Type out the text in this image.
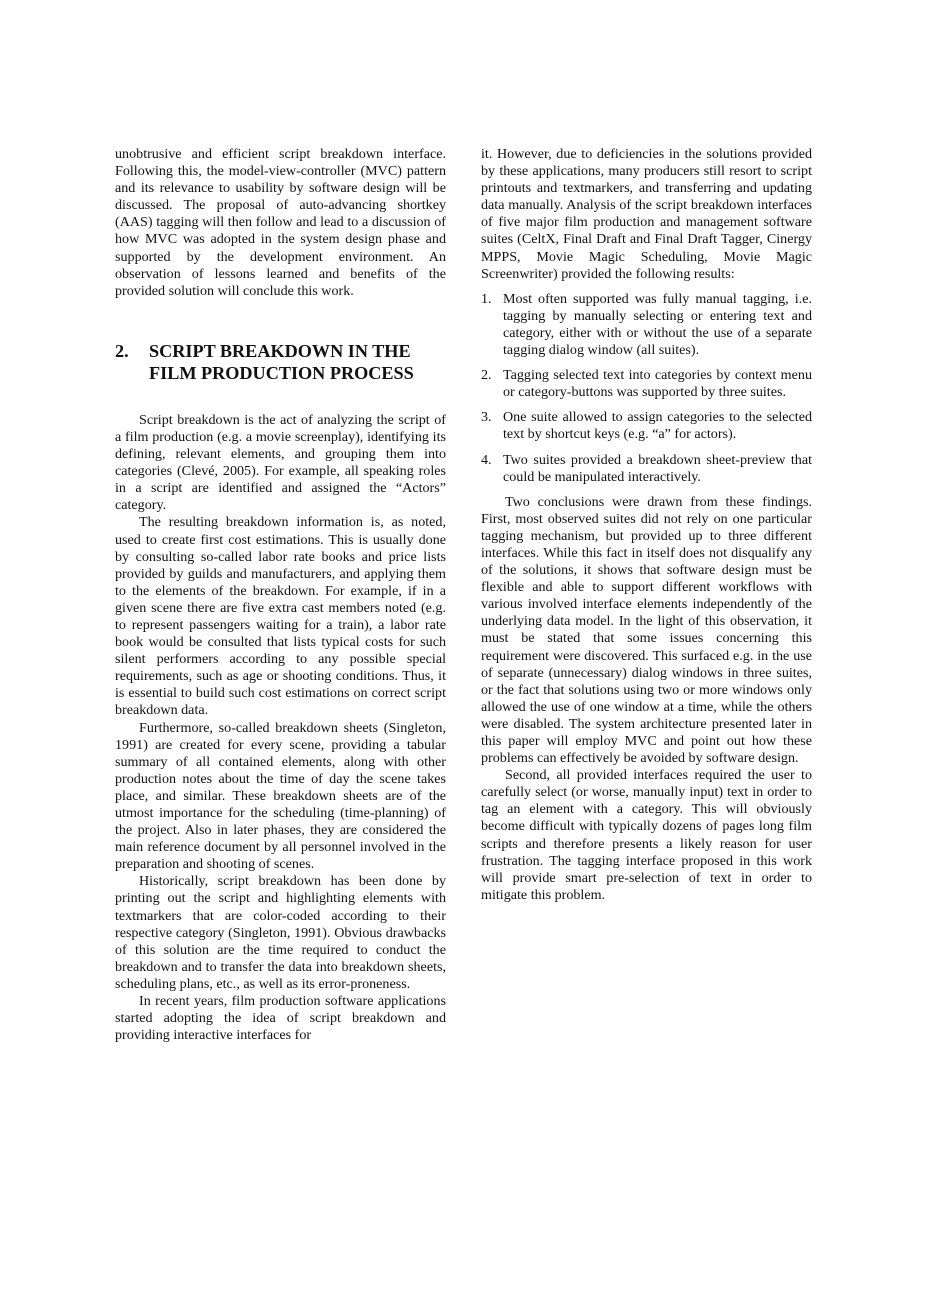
unobtrusive and efficient script breakdown interface. Following this, the model-view-controller (MVC) pattern and its relevance to usability by software design will be discussed. The proposal of auto-advancing shortkey (AAS) tagging will then follow and lead to a discussion of how MVC was adopted in the system design phase and supported by the development environment. An observation of lessons learned and benefits of the provided solution will conclude this work.

2.	SCRIPT BREAKDOWN IN THE FILM PRODUCTION PROCESS

Script breakdown is the act of analyzing the script of a film production (e.g. a movie screenplay), identifying its defining, relevant elements, and grouping them into categories (Clevé, 2005). For example, all speaking roles in a script are identified and assigned the “Actors” category.

The resulting breakdown information is, as noted, used to create first cost estimations. This is usually done by consulting so-called labor rate books and price lists provided by guilds and manufacturers, and applying them to the elements of the breakdown. For example, if in a given scene there are five extra cast members noted (e.g. to represent passengers waiting for a train), a labor rate book would be consulted that lists typical costs for such silent performers according to any possible special requirements, such as age or shooting conditions. Thus, it is essential to build such cost estimations on correct script breakdown data.

Furthermore, so-called breakdown sheets (Singleton, 1991) are created for every scene, providing a tabular summary of all contained elements, along with other production notes about the time of day the scene takes place, and similar. These breakdown sheets are of the utmost importance for the scheduling (time-planning) of the project. Also in later phases, they are considered the main reference document by all personnel involved in the preparation and shooting of scenes.

Historically, script breakdown has been done by printing out the script and highlighting elements with textmarkers that are color-coded according to their respective category (Singleton, 1991). Obvious drawbacks of this solution are the time required to conduct the breakdown and to transfer the data into breakdown sheets, scheduling plans, etc., as well as its error-proneness.

In recent years, film production software applications started adopting the idea of script breakdown and providing interactive interfaces for

it. However, due to deficiencies in the solutions provided by these applications, many producers still resort to script printouts and textmarkers, and transferring and updating data manually. Analysis of the script breakdown interfaces of five major film production and management software suites (CeltX, Final Draft and Final Draft Tagger, Cinergy MPPS, Movie Magic Scheduling, Movie Magic Screenwriter) provided the following results:

1. Most often supported was fully manual tagging, i.e. tagging by manually selecting or entering text and category, either with or without the use of a separate tagging dialog window (all suites).
2. Tagging selected text into categories by context menu or category-buttons was supported by three suites.
3. One suite allowed to assign categories to the selected text by shortcut keys (e.g. “a” for actors).
4. Two suites provided a breakdown sheet-preview that could be manipulated interactively.

Two conclusions were drawn from these findings. First, most observed suites did not rely on one particular tagging mechanism, but provided up to three different interfaces. While this fact in itself does not disqualify any of the solutions, it shows that software design must be flexible and able to support different workflows with various involved interface elements independently of the underlying data model. In the light of this observation, it must be stated that some issues concerning this requirement were discovered. This surfaced e.g. in the use of separate (unnecessary) dialog windows in three suites, or the fact that solutions using two or more windows only allowed the use of one window at a time, while the others were disabled. The system architecture presented later in this paper will employ MVC and point out how these problems can effectively be avoided by software design.

Second, all provided interfaces required the user to carefully select (or worse, manually input) text in order to tag an element with a category. This will obviously become difficult with typically dozens of pages long film scripts and therefore presents a likely reason for user frustration. The tagging interface proposed in this work will provide smart pre-selection of text in order to mitigate this problem.
